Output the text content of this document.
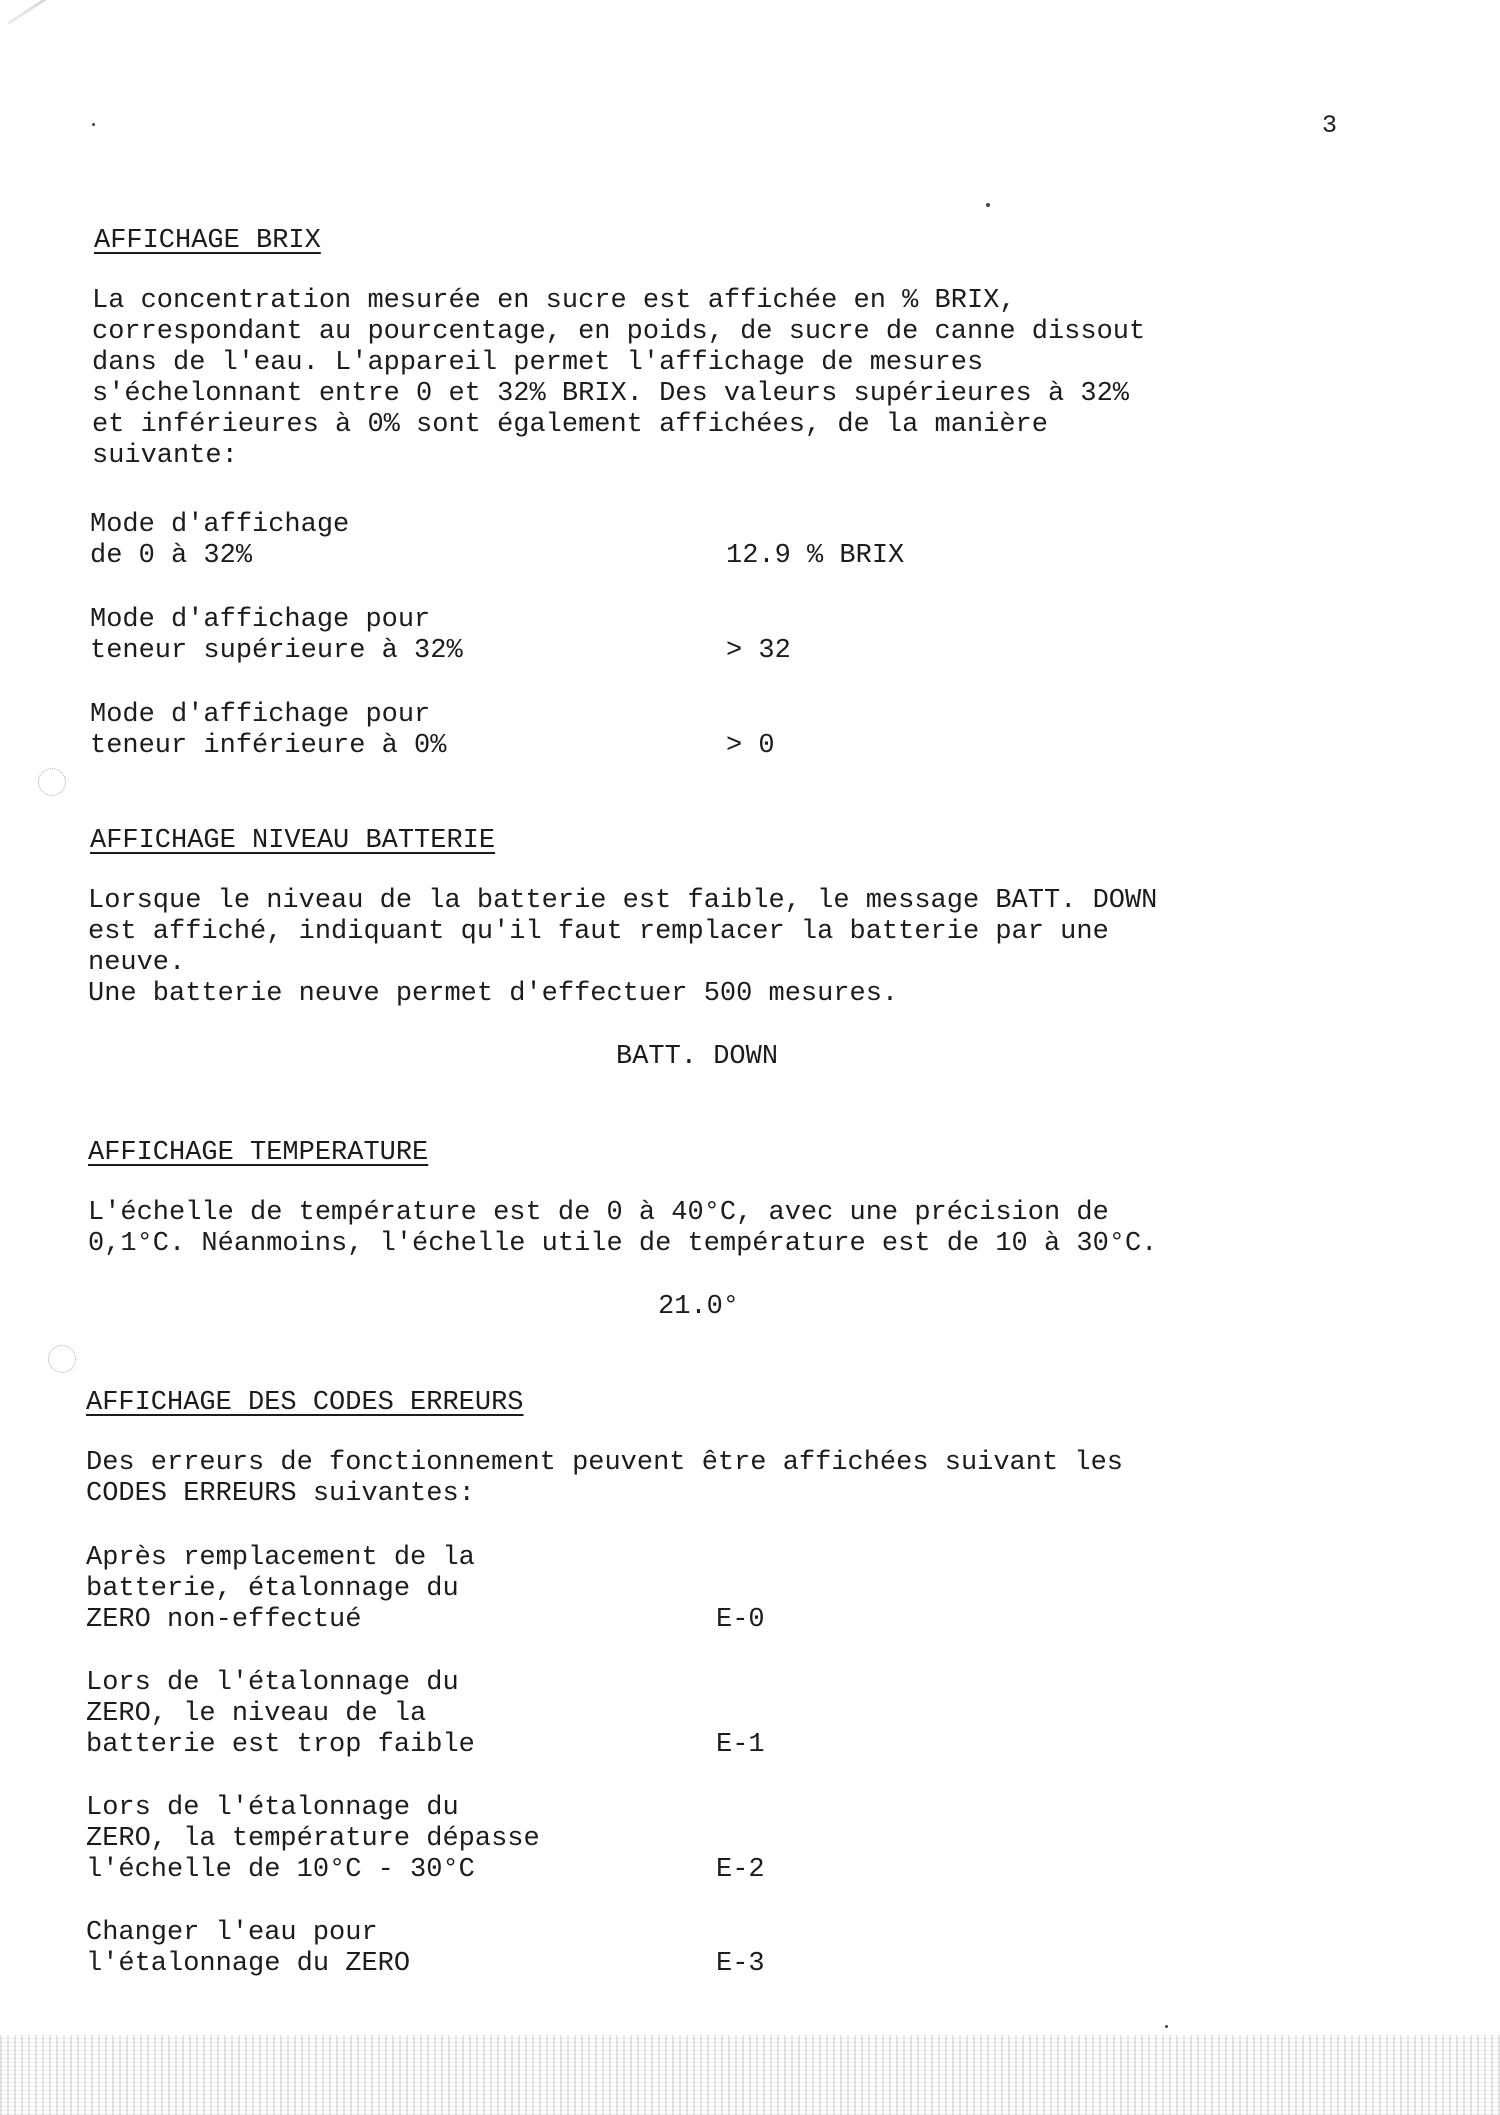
3
AFFICHAGE BRIX
La concentration mesurée en sucre est affichée en % BRIX,
correspondant au pourcentage, en poids, de sucre de canne dissout
dans de l'eau. L'appareil permet l'affichage de mesures
s'échelonnant entre 0 et 32% BRIX. Des valeurs supérieures à 32%
et inférieures à 0% sont également affichées, de la manière
suivante:
Mode d'affichage
de 0 à 32%	12.9 % BRIX
Mode d'affichage pour
teneur supérieure à 32%	> 32
Mode d'affichage pour
teneur inférieure à 0%	> 0
AFFICHAGE NIVEAU BATTERIE
Lorsque le niveau de la batterie est faible, le message BATT. DOWN
est affiché, indiquant qu'il faut remplacer la batterie par une
neuve.
Une batterie neuve permet d'effectuer 500 mesures.
BATT. DOWN
AFFICHAGE TEMPERATURE
L'échelle de température est de 0 à 40°C, avec une précision de
0,1°C. Néanmoins, l'échelle utile de température est de 10 à 30°C.
21.0°
AFFICHAGE DES CODES ERREURS
Des erreurs de fonctionnement peuvent être affichées suivant les
CODES ERREURS suivantes:
Après remplacement de la
batterie, étalonnage du
ZERO non-effectué	E-0
Lors de l'étalonnage du
ZERO, le niveau de la
batterie est trop faible	E-1
Lors de l'étalonnage du
ZERO, la température dépasse
l'échelle de 10°C - 30°C	E-2
Changer l'eau pour
l'étalonnage du ZERO	E-3
